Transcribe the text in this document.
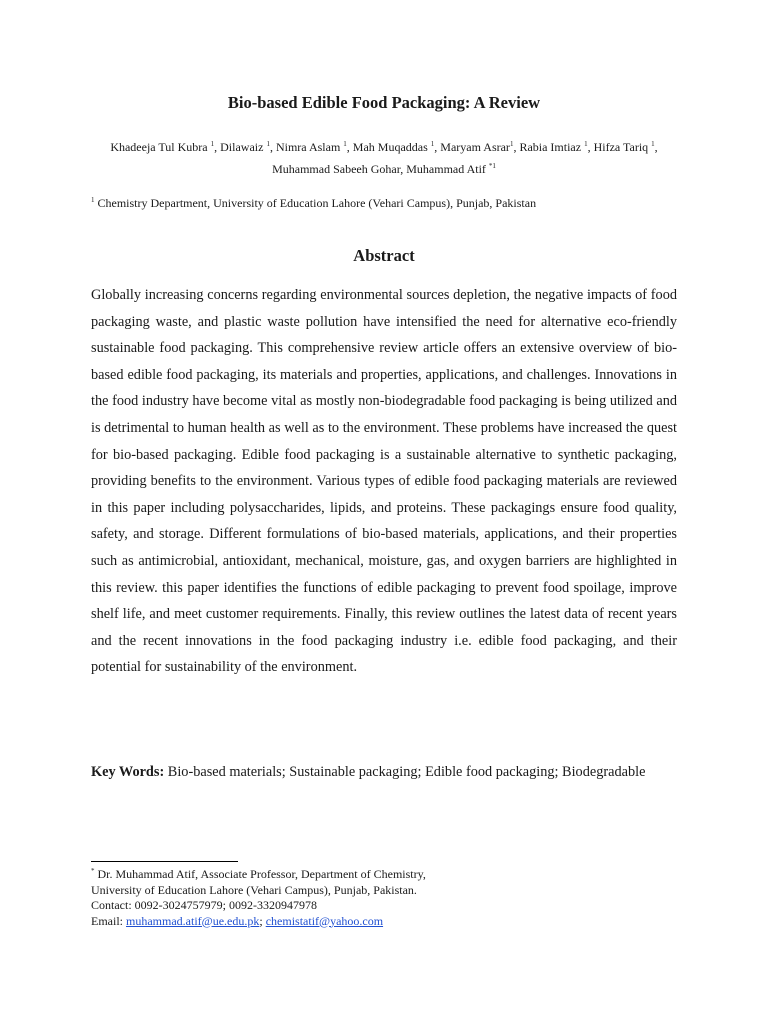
Bio-based Edible Food Packaging: A Review
Khadeeja Tul Kubra $^1$, Dilawaiz $^1$, Nimra Aslam $^1$, Mah Muqaddas $^1$, Maryam Asrar$^1$, Rabia Imtiaz $^1$, Hifza Tariq $^1$,
Muhammad Sabeeh Gohar, Muhammad Atif $^{*1}$
$^1$ Chemistry Department, University of Education Lahore (Vehari Campus), Punjab, Pakistan
Abstract

Globally increasing concerns regarding environmental sources depletion, the negative impacts of food packaging waste, and plastic waste pollution have intensified the need for alternative eco-friendly sustainable food packaging. This comprehensive review article offers an extensive overview of bio-based edible food packaging, its materials and properties, applications, and challenges. Innovations in the food industry have become vital as mostly non-biodegradable food packaging is being utilized and is detrimental to human health as well as to the environment. These problems have increased the quest for bio-based packaging. Edible food packaging is a sustainable alternative to synthetic packaging, providing benefits to the environment. Various types of edible food packaging materials are reviewed in this paper including polysaccharides, lipids, and proteins. These packagings ensure food quality, safety, and storage. Different formulations of bio-based materials, applications, and their properties such as antimicrobial, antioxidant, mechanical, moisture, gas, and oxygen barriers are highlighted in this review. this paper identifies the functions of edible packaging to prevent food spoilage, improve shelf life, and meet customer requirements. Finally, this review outlines the latest data of recent years and the recent innovations in the food packaging industry i.e. edible food packaging, and their potential for sustainability of the environment.

Key Words: Bio-based materials; Sustainable packaging; Edible food packaging; Biodegradable
* Dr. Muhammad Atif, Associate Professor, Department of Chemistry,
University of Education Lahore (Vehari Campus), Punjab, Pakistan.
Contact: 0092-3024757979; 0092-3320947978
Email: muhammad.atif@ue.edu.pk; chemistatif@yahoo.com
